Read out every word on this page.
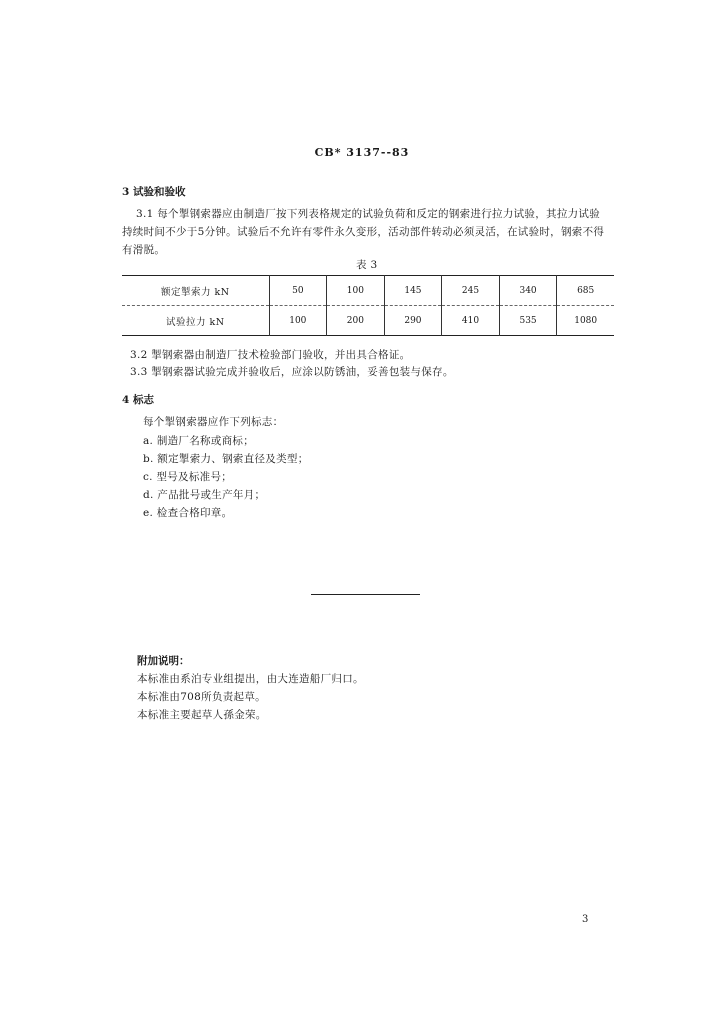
CB* 3137--83
3 试验和验收
3.1 每个掣钢索器应由制造厂按下列表格规定的试验负荷和反定的钢索进行拉力试验，其拉力试验
持续时间不少于5分钟。试验后不允许有零件永久变形，活动部件转动必须灵活，在试验时，钢索不得
有滑脱。
表 3
额定掣索力 kN	50	100	145	245	340	685
试验拉力 kN	100	200	290	410	535	1080
3.2 掣钢索器由制造厂技术检验部门验收，并出具合格证。
3.3 掣钢索器试验完成并验收后，应涂以防锈油，妥善包装与保存。
4 标志
每个掣钢索器应作下列标志：
a. 制造厂名称或商标；
b. 额定掣索力、钢索直径及类型；
c. 型号及标准号；
d. 产品批号或生产年月；
e. 检查合格印章。
附加说明：
本标准由系泊专业组提出，由大连造船厂归口。
本标准由708所负责起草。
本标准主要起草人孫金荣。
3
